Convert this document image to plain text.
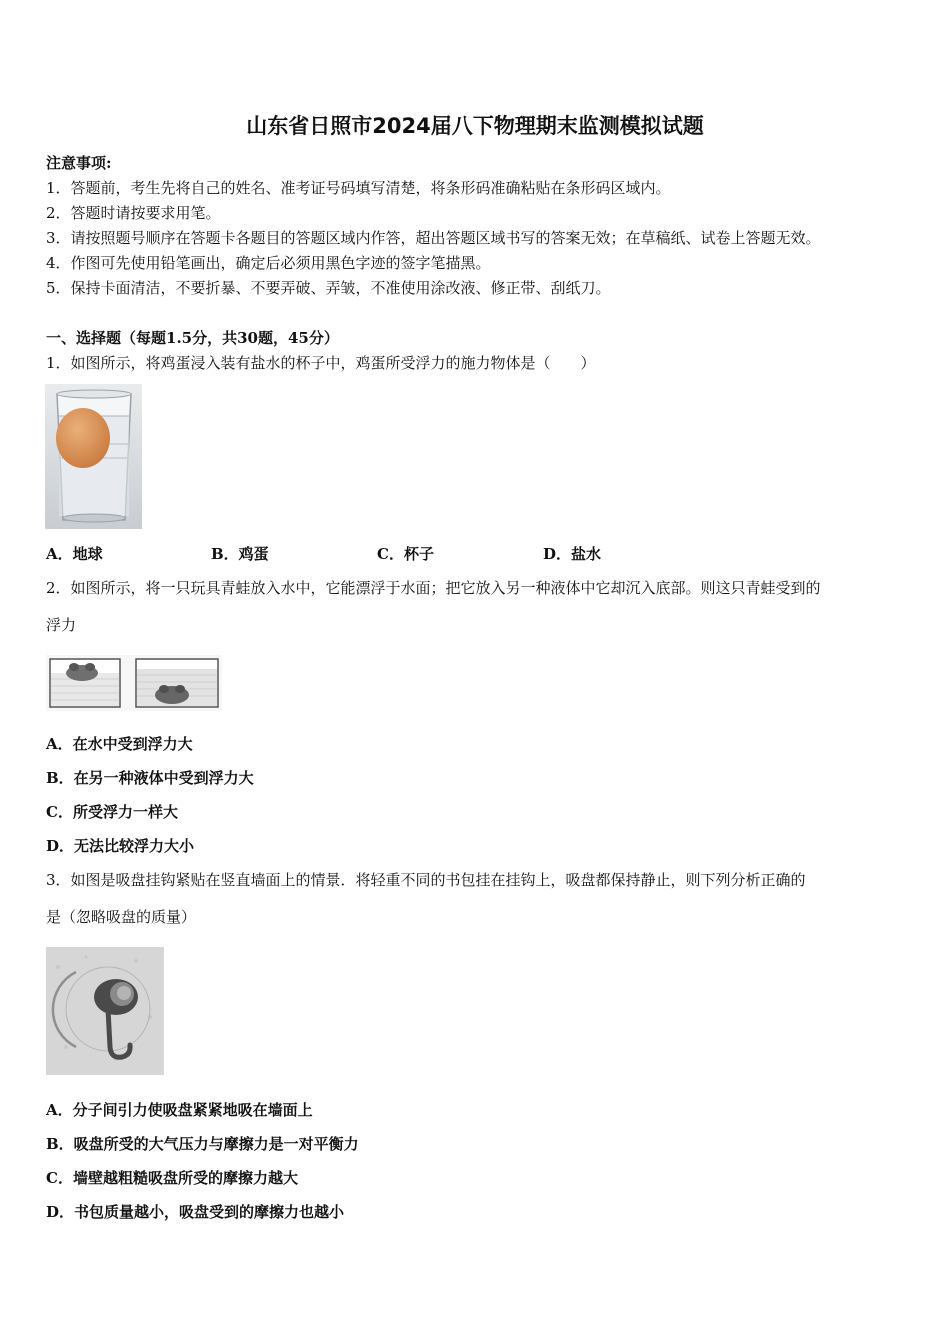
山东省日照市2024届八下物理期末监测模拟试题
注意事项:
1．答题前，考生先将自己的姓名、准考证号码填写清楚，将条形码准确粘贴在条形码区域内。
2．答题时请按要求用笔。
3．请按照题号顺序在答题卡各题目的答题区域内作答，超出答题区域书写的答案无效；在草稿纸、试卷上答题无效。
4．作图可先使用铅笔画出，确定后必须用黑色字迹的签字笔描黑。
5．保持卡面清洁，不要折暴、不要弄破、弄皱，不准使用涂改液、修正带、刮纸刀。
一、选择题（每题1.5分，共30题，45分）
1．如图所示，将鸡蛋浸入装有盐水的杯子中，鸡蛋所受浮力的施力物体是（　　）
A．地球	B．鸡蛋	C．杯子	D．盐水
2．如图所示，将一只玩具青蛙放入水中，它能漂浮于水面；把它放入另一种液体中它却沉入底部。则这只青蛙受到的
浮力
A．在水中受到浮力大
B．在另一种液体中受到浮力大
C．所受浮力一样大
D．无法比较浮力大小
3．如图是吸盘挂钩紧贴在竖直墙面上的情景．将轻重不同的书包挂在挂钩上，吸盘都保持静止，则下列分析正确的
是（忽略吸盘的质量）
A．分子间引力使吸盘紧紧地吸在墙面上
B．吸盘所受的大气压力与摩擦力是一对平衡力
C．墙壁越粗糙吸盘所受的摩擦力越大
D．书包质量越小，吸盘受到的摩擦力也越小
